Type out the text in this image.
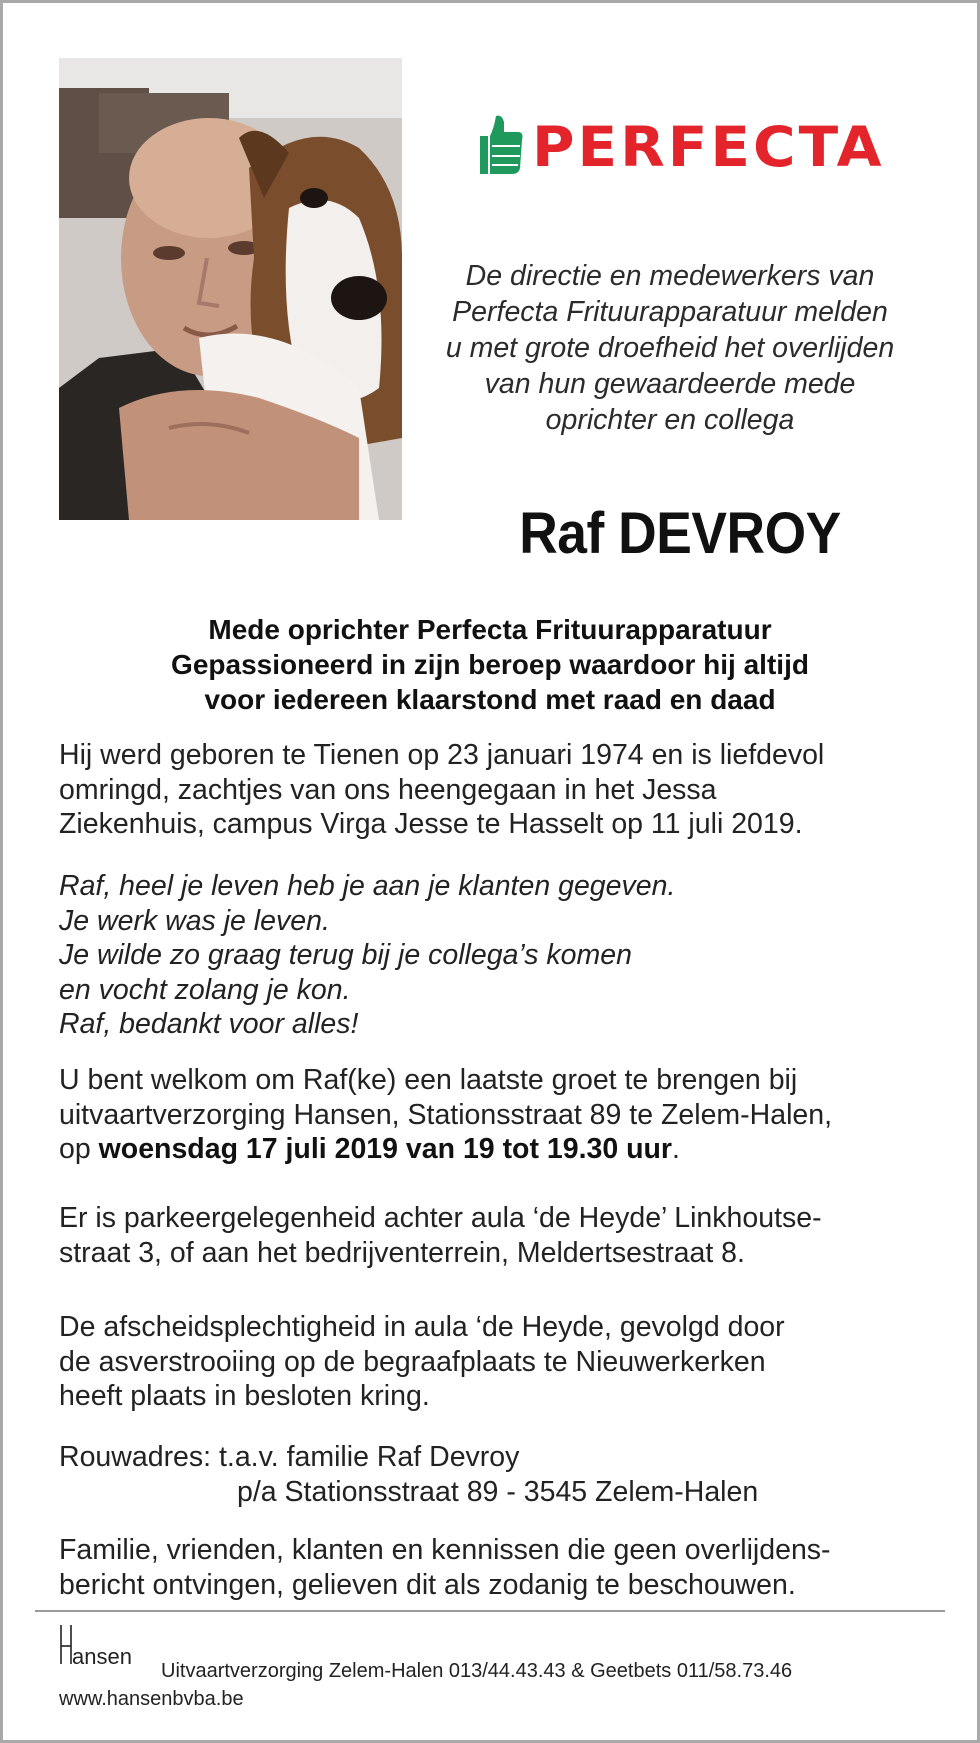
PERFECTA
De directie en medewerkers van
Perfecta Frituurapparatuur melden
u met grote droefheid het overlijden
van hun gewaardeerde mede
oprichter en collega
Raf DEVROY
Mede oprichter Perfecta Frituurapparatuur
Gepassioneerd in zijn beroep waardoor hij altijd
voor iedereen klaarstond met raad en daad
Hij werd geboren te Tienen op 23 januari 1974 en is liefdevol
omringd, zachtjes van ons heengegaan in het Jessa
Ziekenhuis, campus Virga Jesse te Hasselt op 11 juli 2019.
Raf, heel je leven heb je aan je klanten gegeven.
Je werk was je leven.
Je wilde zo graag terug bij je collega’s komen
en vocht zolang je kon.
Raf, bedankt voor alles!
U bent welkom om Raf(ke) een laatste groet te brengen bij
uitvaartverzorging Hansen, Stationsstraat 89 te Zelem-Halen,
op woensdag 17 juli 2019 van 19 tot 19.30 uur.
Er is parkeergelegenheid achter aula ‘de Heyde’ Linkhoutse-
straat 3, of aan het bedrijventerrein, Meldertsestraat 8.
De afscheidsplechtigheid in aula ‘de Heyde, gevolgd door
de asverstrooiing op de begraafplaats te Nieuwerkerken
heeft plaats in besloten kring.
Rouwadres: t.a.v. familie Raf Devroy
p/a Stationsstraat 89 - 3545 Zelem-Halen
Familie, vrienden, klanten en kennissen die geen overlijdens-
bericht ontvingen, gelieven dit als zodanig te beschouwen.
ansen
Uitvaartverzorging Zelem-Halen 013/44.43.43 & Geetbets 011/58.73.46
www.hansenbvba.be
